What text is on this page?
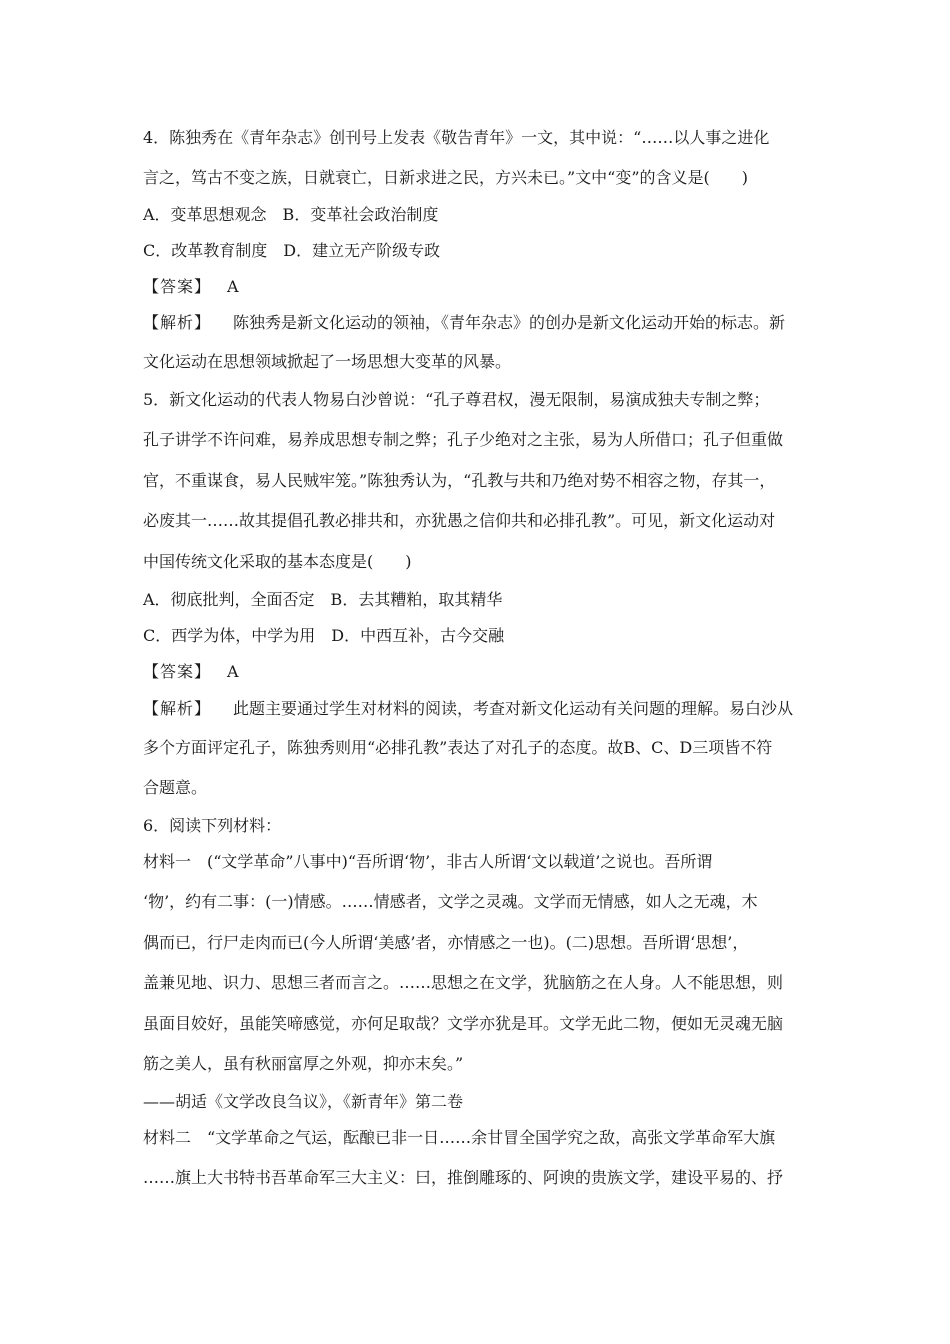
4．陈独秀在《青年杂志》创刊号上发表《敬告青年》一文，其中说：“……以人事之进化
言之，笃古不变之族，日就衰亡，日新求进之民，方兴未已。”文中“变”的含义是(　　)
A．变革思想观念　B．变革社会政治制度
C．改革教育制度　D．建立无产阶级专政
【答案】 A
【解析】 陈独秀是新文化运动的领袖，《青年杂志》的创办是新文化运动开始的标志。新
文化运动在思想领域掀起了一场思想大变革的风暴。
5．新文化运动的代表人物易白沙曾说：“孔子尊君权，漫无限制，易演成独夫专制之弊；
孔子讲学不许问难，易养成思想专制之弊；孔子少绝对之主张，易为人所借口；孔子但重做
官，不重谋食，易人民贼牢笼。”陈独秀认为，“孔教与共和乃绝对势不相容之物，存其一，
必废其一……故其提倡孔教必排共和，亦犹愚之信仰共和必排孔教”。可见，新文化运动对
中国传统文化采取的基本态度是(　　)
A．彻底批判，全面否定　B．去其糟粕，取其精华
C．西学为体，中学为用　D．中西互补，古今交融
【答案】 A
【解析】 此题主要通过学生对材料的阅读，考查对新文化运动有关问题的理解。易白沙从
多个方面评定孔子，陈独秀则用“必排孔教”表达了对孔子的态度。故B、C、D三项皆不符
合题意。
6．阅读下列材料：
材料一　(“文学革命”八事中)“吾所谓‘物’，非古人所谓‘文以载道’之说也。吾所谓
‘物’，约有二事：(一)情感。……情感者，文学之灵魂。文学而无情感，如人之无魂，木
偶而已，行尸走肉而已(今人所谓‘美感’者，亦情感之一也)。(二)思想。吾所谓‘思想’，
盖兼见地、识力、思想三者而言之。……思想之在文学，犹脑筋之在人身。人不能思想，则
虽面目姣好，虽能笑啼感觉，亦何足取哉？文学亦犹是耳。文学无此二物，便如无灵魂无脑
筋之美人，虽有秋丽富厚之外观，抑亦末矣。”
——胡适《文学改良刍议》，《新青年》第二卷
材料二　“文学革命之气运，酝酿已非一日……余甘冒全国学究之敌，高张文学革命军大旗
……旗上大书特书吾革命军三大主义：曰，推倒雕琢的、阿谀的贵族文学，建设平易的、抒
